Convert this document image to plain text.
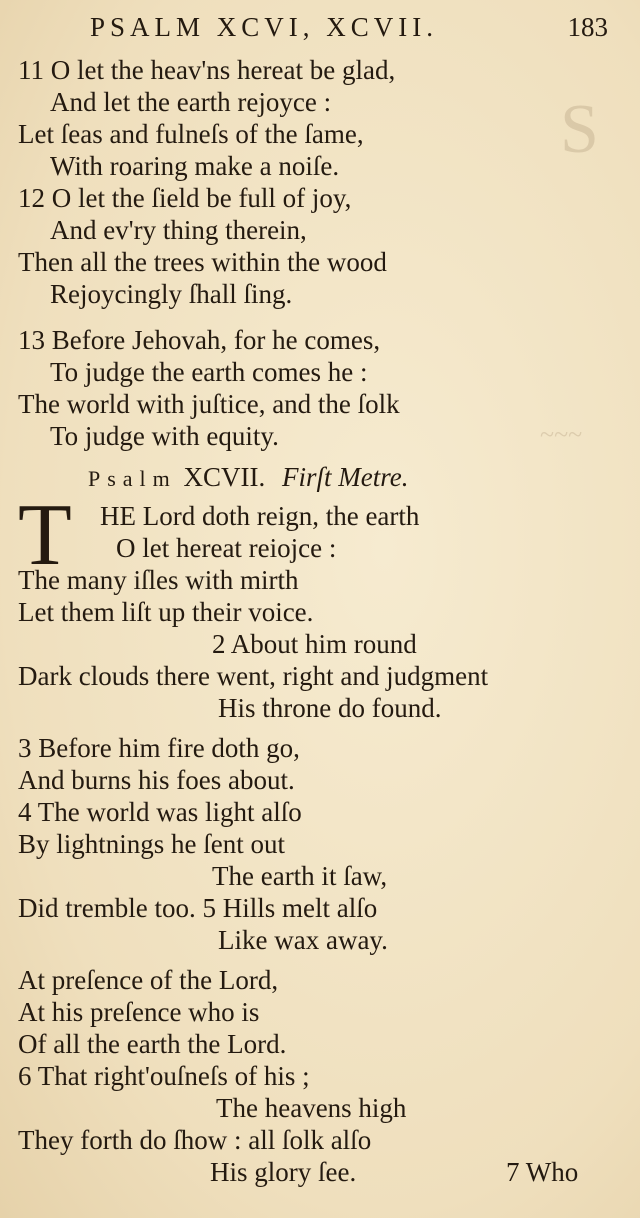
S
~~~
PSALM XCVI, XCVII.	183
11 O let the heav'ns hereat be glad,
And let the earth rejoyce :
Let ſeas and fulneſs of the ſame,
With roaring make a noiſe.
12 O let the ſield be full of joy,
And ev'ry thing therein,
Then all the trees within the wood
Rejoycingly ſhall ſing.
13 Before Jehovah, for he comes,
To judge the earth comes he :
The world with juſtice, and the ſolk
To judge with equity.
Psalm XCVII. Firſt Metre.
T HE Lord doth reign, the earth
O let hereat reiojce :
The many iſles with mirth
Let them liſt up their voice.
2 About him round
Dark clouds there went, right and judgment
His throne do found.
3 Before him fire doth go,
And burns his foes about.
4 The world was light alſo
By lightnings he ſent out
The earth it ſaw,
Did tremble too. 5 Hills melt alſo
Like wax away.
At preſence of the Lord,
At his preſence who is
Of all the earth the Lord.
6 That right'ouſneſs of his ;
The heavens high
They forth do ſhow : all ſolk alſo
His glory ſee.	7 Who
